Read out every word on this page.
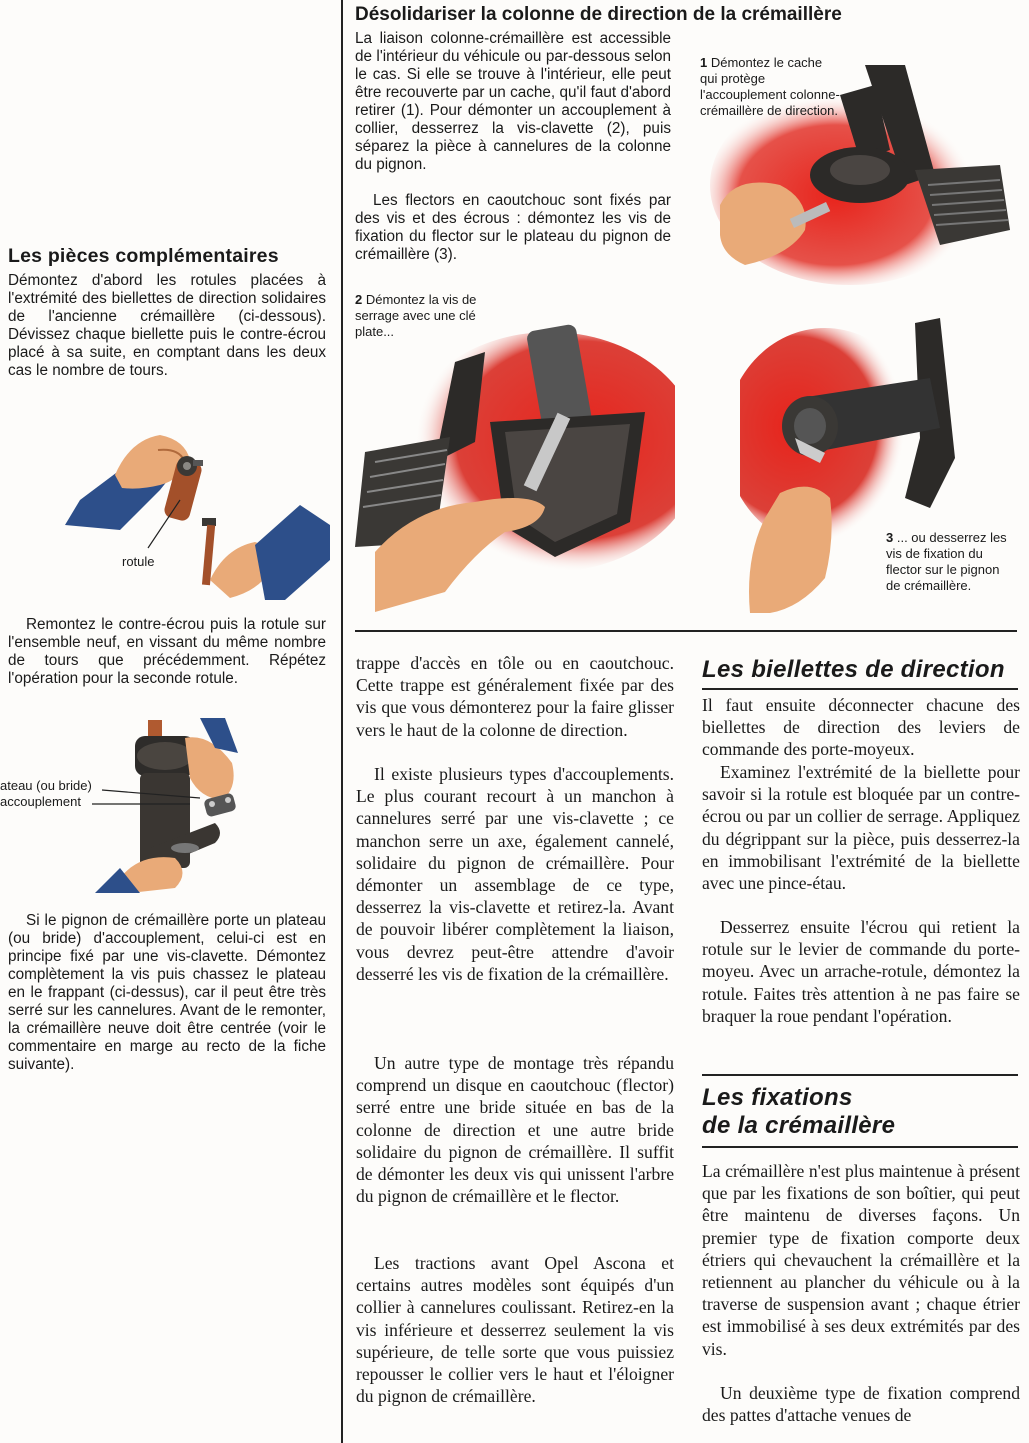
Les pièces complémentaires

Démontez d'abord les rotules placées à l'extrémité des biellettes de direction solidaires de l'ancienne crémaillère (ci-dessous). Dévissez chaque biellette puis le contre-écrou placé à sa suite, en comptant dans les deux cas le nombre de tours.

rotule

Remontez le contre-écrou puis la rotule sur l'ensemble neuf, en vissant du même nombre de tours que précédemment. Répétez l'opération pour la seconde rotule.

ateau (ou bride)
accouplement

Si le pignon de crémaillère porte un plateau (ou bride) d'accouplement, celui-ci est en principe fixé par une vis-clavette. Démontez complètement la vis puis chassez le plateau en le frappant (ci-dessus), car il peut être très serré sur les cannelures. Avant de le remonter, la crémaillère neuve doit être centrée (voir le commentaire en marge au recto de la fiche suivante).

Désolidariser la colonne de direction de la crémaillère

La liaison colonne-crémaillère est accessible de l'intérieur du véhicule ou par-dessous selon le cas. Si elle se trouve à l'intérieur, elle peut être recouverte par un cache, qu'il faut d'abord retirer (1). Pour démonter un accouplement à collier, desserrez la vis-clavette (2), puis séparez la pièce à cannelures de la colonne du pignon.

Les flectors en caoutchouc sont fixés par des vis et des écrous : démontez les vis de fixation du flector sur le plateau du pignon de crémaillère (3).

1 Démontez le cache qui protège l'accouplement colonne-crémaillère de direction.

2 Démontez la vis de serrage avec une clé plate...

3 ... ou desserrez les vis de fixation du flector sur le pignon de crémaillère.

trappe d'accès en tôle ou en caoutchouc. Cette trappe est généralement fixée par des vis que vous démonterez pour la faire glisser vers le haut de la colonne de direction.

Il existe plusieurs types d'accouplements. Le plus courant recourt à un manchon à cannelures serré par une vis-clavette ; ce manchon serre un axe, également cannelé, solidaire du pignon de crémaillère. Pour démonter un assemblage de ce type, desserrez la vis-clavette et retirez-la. Avant de pouvoir libérer complètement la liaison, vous devrez peut-être attendre d'avoir desserré les vis de fixation de la crémaillère.

Un autre type de montage très répandu comprend un disque en caoutchouc (flector) serré entre une bride située en bas de la colonne de direction et une autre bride solidaire du pignon de crémaillère. Il suffit de démonter les deux vis qui unissent l'arbre du pignon de crémaillère et le flector.

Les tractions avant Opel Ascona et certains autres modèles sont équipés d'un collier à cannelures coulissant. Retirez-en la vis inférieure et desserrez seulement la vis supérieure, de telle sorte que vous puissiez repousser le collier vers le haut et l'éloigner du pignon de crémaillère.

Les biellettes de direction

Il faut ensuite déconnecter chacune des biellettes de direction des leviers de commande des porte-moyeux.

Examinez l'extrémité de la biellette pour savoir si la rotule est bloquée par un contre-écrou ou par un collier de serrage. Appliquez du dégrippant sur la pièce, puis desserrez-la en immobilisant l'extrémité de la biellette avec une pince-étau.

Desserrez ensuite l'écrou qui retient la rotule sur le levier de commande du porte-moyeu. Avec un arrache-rotule, démontez la rotule. Faites très attention à ne pas faire se braquer la roue pendant l'opération.

Les fixations

de la crémaillère

La crémaillère n'est plus maintenue à présent que par les fixations de son boîtier, qui peut être maintenu de diverses façons. Un premier type de fixation comporte deux étriers qui chevauchent la crémaillère et la retiennent au plancher du véhicule ou à la traverse de suspension avant ; chaque étrier est immobilisé à ses deux extrémités par des vis.

Un deuxième type de fixation comprend des pattes d'attache venues de
